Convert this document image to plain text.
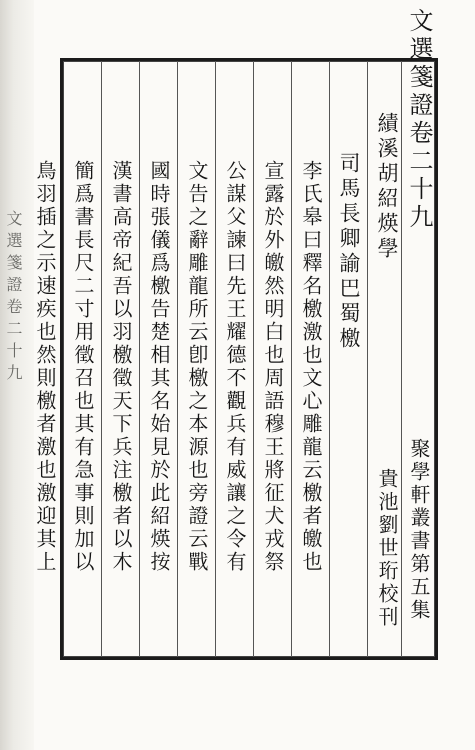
文選箋證卷二十九
文選箋證卷二十九
聚學軒叢書第五集
績溪胡紹煐學
貴池劉世珩校刊
司馬長卿諭巴蜀檄
李氏皋曰釋名檄激也文心雕龍云檄者皦也
宣露於外皦然明白也周語穆王將征犬戎祭
公謀父諫曰先王耀德不觀兵有威讓之令有
文告之辭雕龍所云卽檄之本源也旁證云戰
國時張儀爲檄告楚相其名始見於此紹煐按
漢書高帝紀吾以羽檄徵天下兵注檄者以木
簡爲書長尺二寸用徵召也其有急事則加以
鳥羽插之示速疾也然則檄者激也激迎其上
